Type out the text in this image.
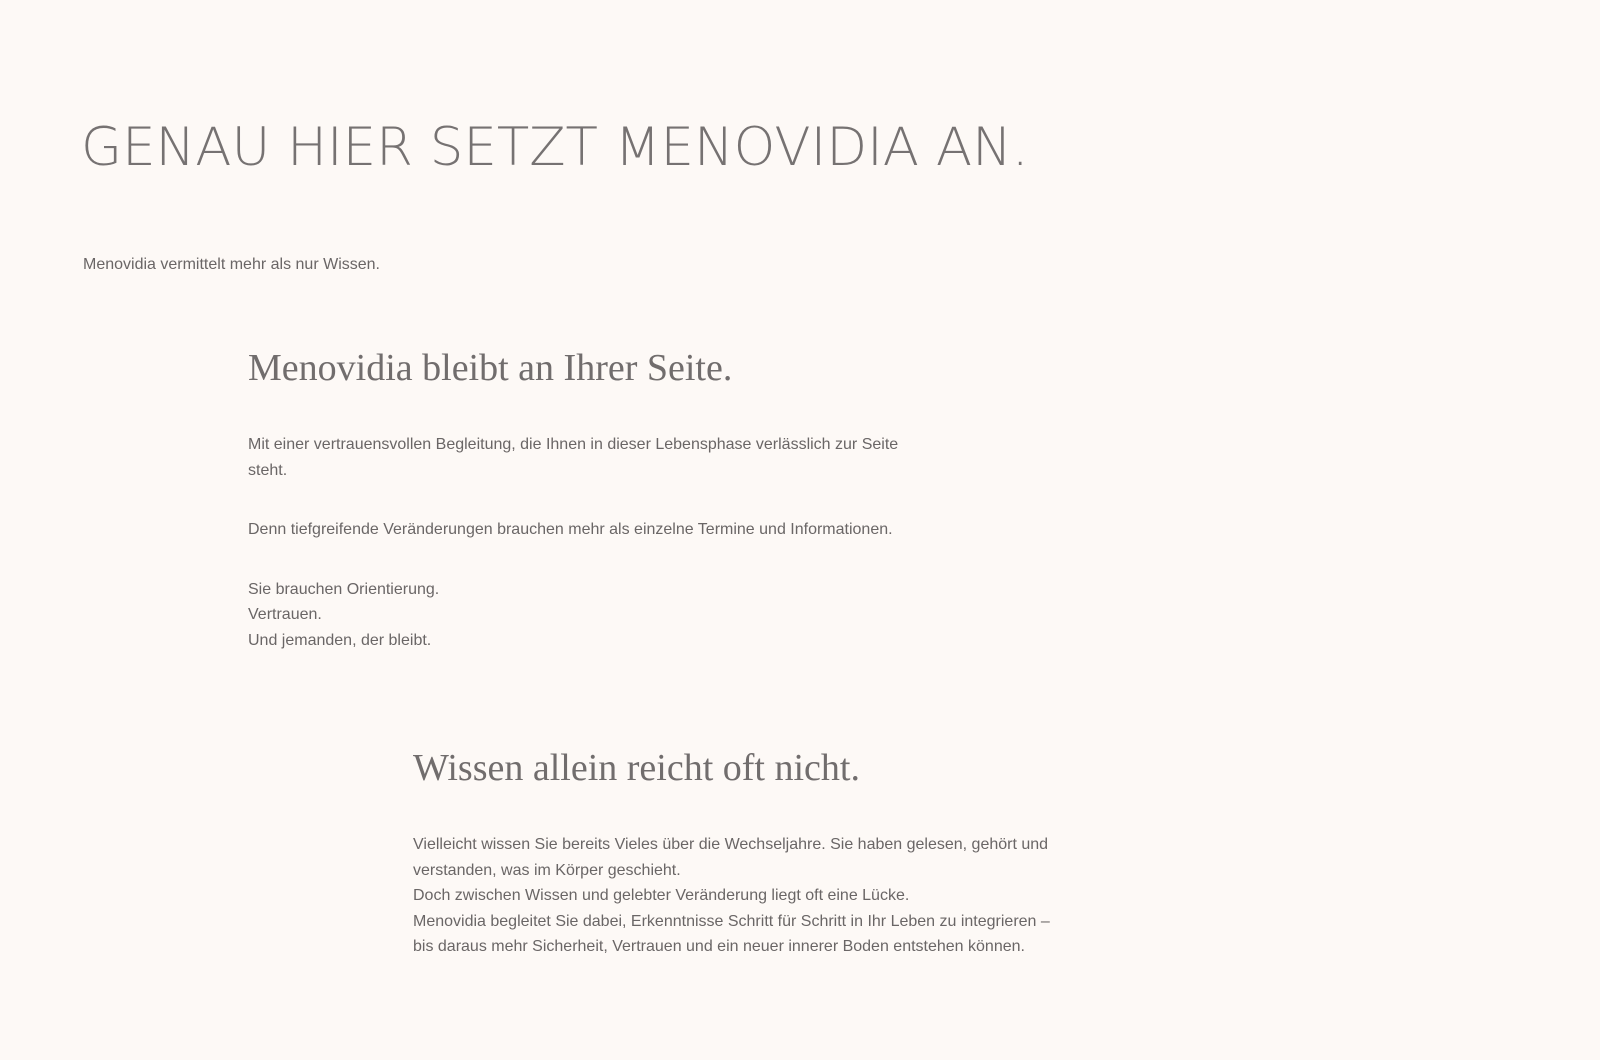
GENAU HIER SETZT MENOVIDIA AN.

Menovidia vermittelt mehr als nur Wissen.

Menovidia bleibt an Ihrer Seite.

Mit einer vertrauensvollen Begleitung, die Ihnen in dieser Lebensphase verlässlich zur Seite steht.

Denn tiefgreifende Veränderungen brauchen mehr als einzelne Termine und Informationen.

Sie brauchen Orientierung.
Vertrauen.
Und jemanden, der bleibt.

Wissen allein reicht oft nicht.

Vielleicht wissen Sie bereits Vieles über die Wechseljahre. Sie haben gelesen, gehört und verstanden, was im Körper geschieht.
Doch zwischen Wissen und gelebter Veränderung liegt oft eine Lücke.
Menovidia begleitet Sie dabei, Erkenntnisse Schritt für Schritt in Ihr Leben zu integrieren – bis daraus mehr Sicherheit, Vertrauen und ein neuer innerer Boden entstehen können.
